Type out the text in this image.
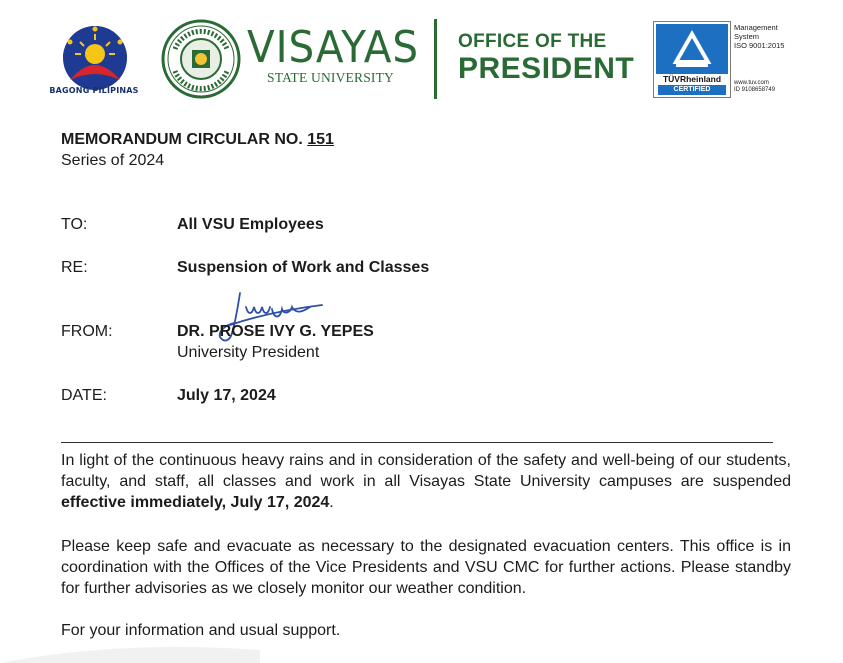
BAGONG PILIPINAS
VISAYAS
STATE UNIVERSITY
OFFICE OF THE
PRESIDENT	TÜVRheinland
CERTIFIED
Management
System
ISO 9001:2015
www.tuv.com
ID 9108658749
MEMORANDUM CIRCULAR NO. 151
Series of 2024
TO:	All VSU Employees
RE:	Suspension of Work and Classes
FROM:	DR. PROSE IVY G. YEPES
University President
DATE:	July 17, 2024
In light of the continuous heavy rains and in consideration of the safety and well-being of our students, faculty, and staff, all classes and work in all Visayas State University campuses are suspended effective immediately, July 17, 2024.
Please keep safe and evacuate as necessary to the designated evacuation centers. This office is in coordination with the Offices of the Vice Presidents and VSU CMC for further actions. Please standby for further advisories as we closely monitor our weather condition.
For your information and usual support.
